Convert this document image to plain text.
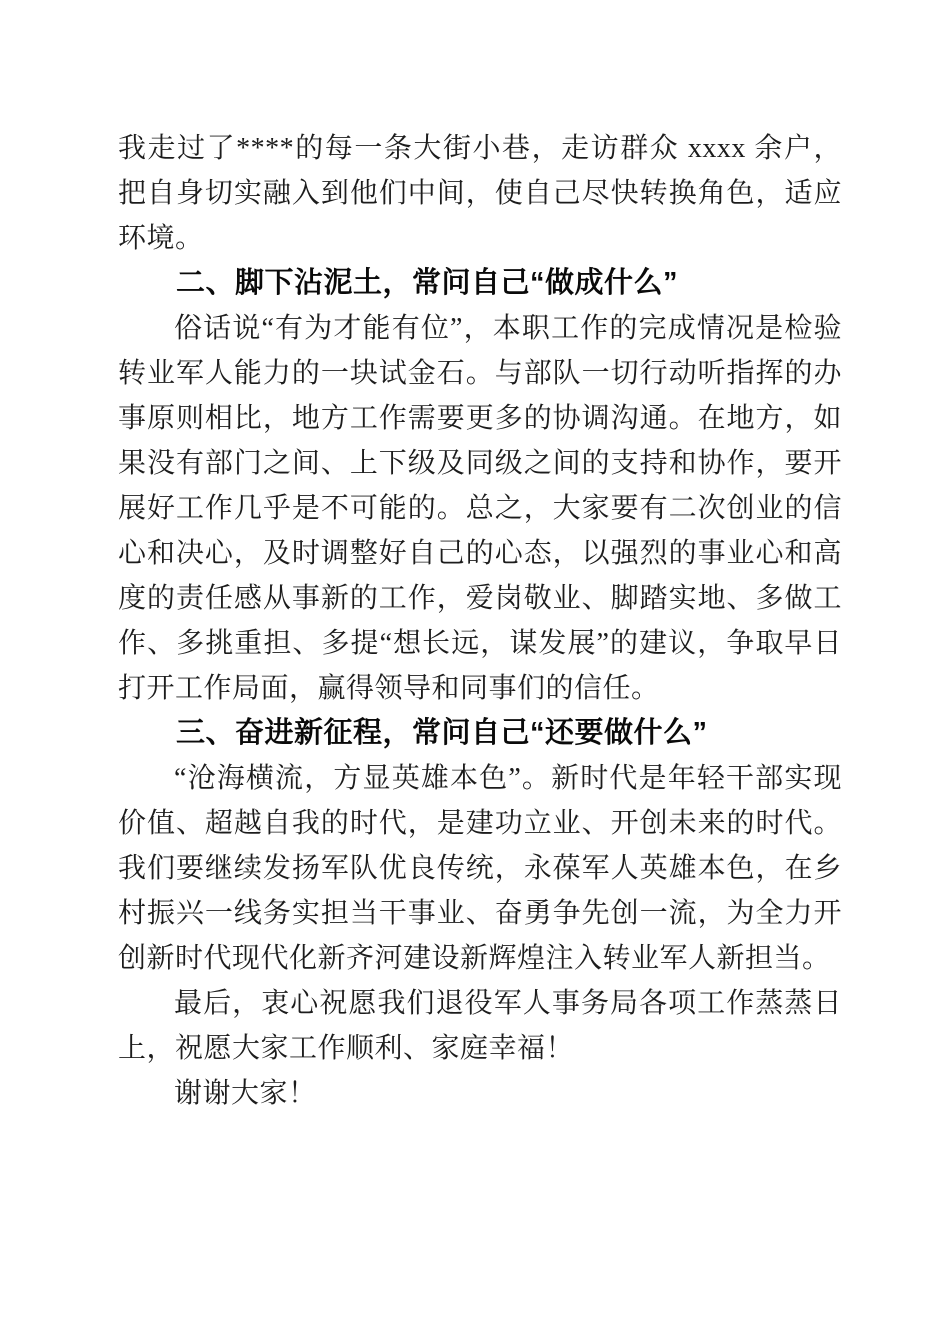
我走过了****的每一条大街小巷，走访群众 xxxx 余户，把自身切实融入到他们中间，使自己尽快转换角色，适应环境。

二、脚下沾泥土，常问自己“做成什么”

俗话说“有为才能有位”，本职工作的完成情况是检验转业军人能力的一块试金石。与部队一切行动听指挥的办事原则相比，地方工作需要更多的协调沟通。在地方，如果没有部门之间、上下级及同级之间的支持和协作，要开展好工作几乎是不可能的。总之，大家要有二次创业的信心和决心，及时调整好自己的心态，以强烈的事业心和高度的责任感从事新的工作，爱岗敬业、脚踏实地、多做工作、多挑重担、多提“想长远，谋发展”的建议，争取早日打开工作局面，赢得领导和同事们的信任。

三、奋进新征程，常问自己“还要做什么”

“沧海横流，方显英雄本色”。新时代是年轻干部实现价值、超越自我的时代，是建功立业、开创未来的时代。我们要继续发扬军队优良传统，永葆军人英雄本色，在乡村振兴一线务实担当干事业、奋勇争先创一流，为全力开创新时代现代化新齐河建设新辉煌注入转业军人新担当。

最后，衷心祝愿我们退役军人事务局各项工作蒸蒸日上，祝愿大家工作顺利、家庭幸福！

谢谢大家！
